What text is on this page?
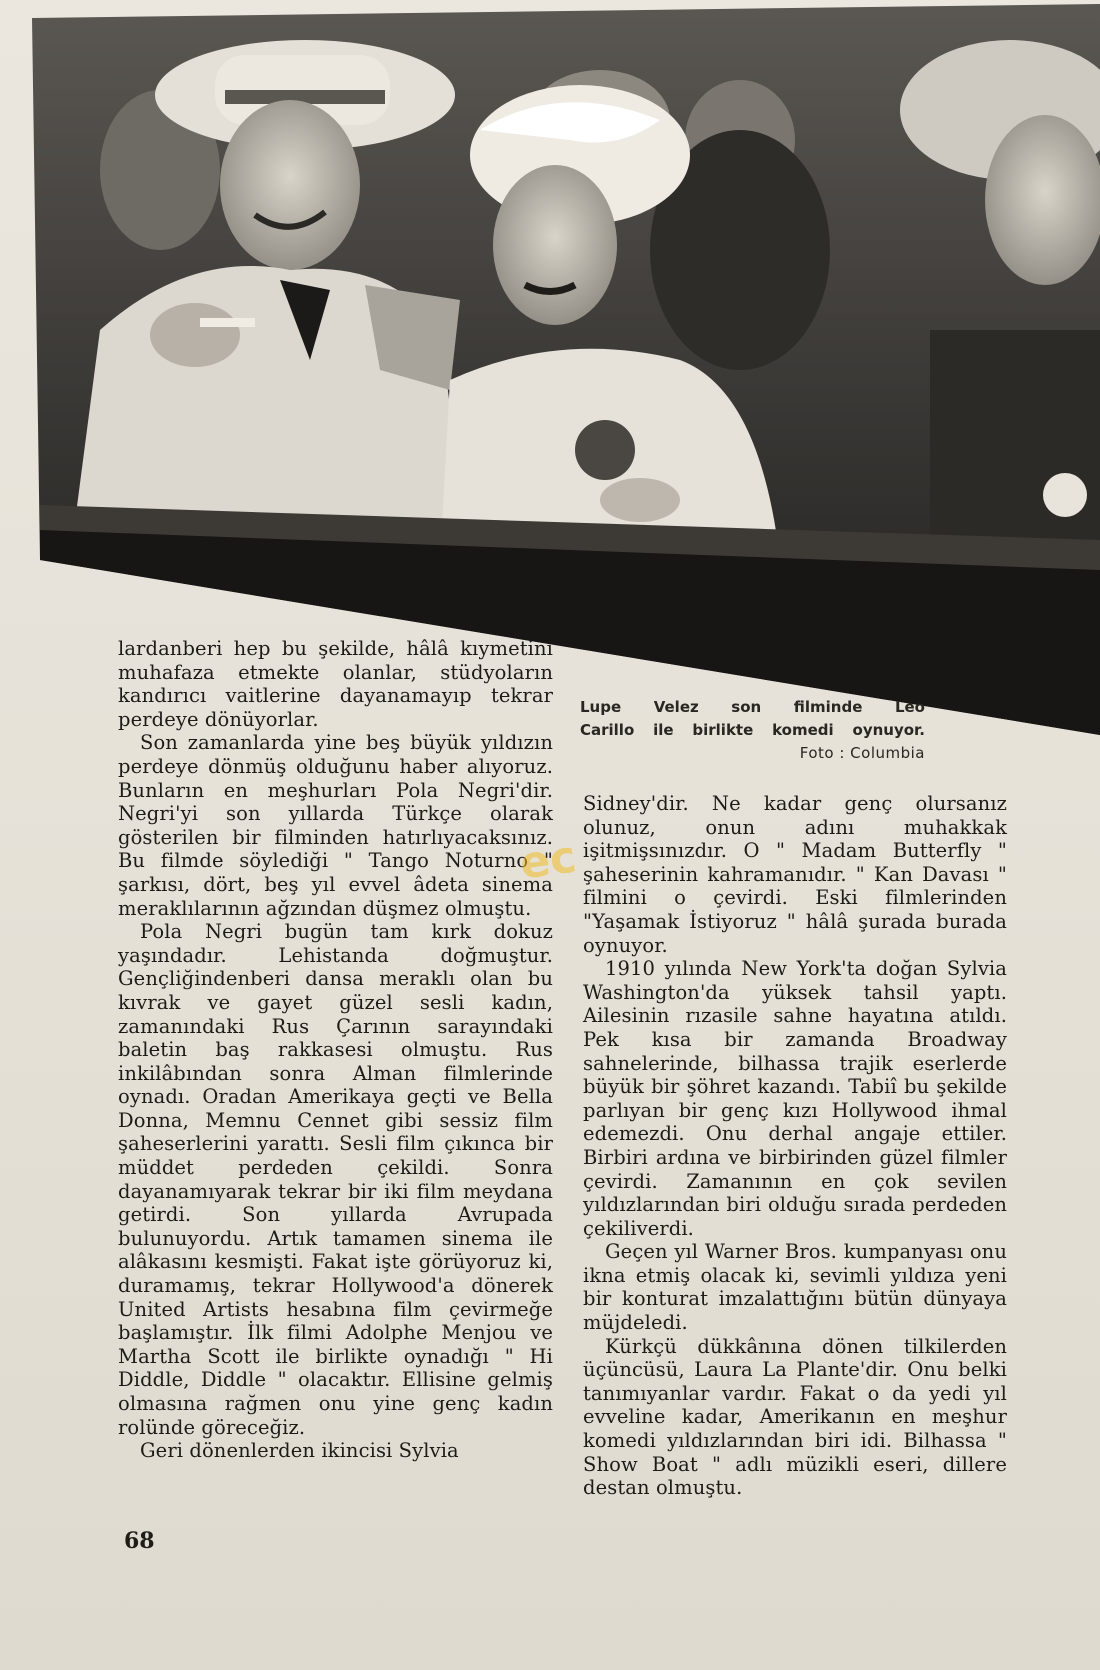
Lupe Velez son filminde Leo
Carillo ile birlikte komedi oynuyor.
Foto : Columbia

lardanberi hep bu şekilde, hâlâ kıymetini muhafaza etmekte olanlar, stüdyoların kandırıcı vaitlerine dayanamayıp tekrar perdeye dönüyorlar.

Son zamanlarda yine beş büyük yıldızın perdeye dönmüş olduğunu haber alıyoruz. Bunların en meşhurları Pola Negri'dir. Negri'yi son yıllarda Türkçe olarak gösterilen bir filminden hatırlıyacaksınız. Bu filmde söylediği " Tango Noturno " şarkısı, dört, beş yıl evvel âdeta sinema meraklılarının ağzından düşmez olmuştu.

Pola Negri bugün tam kırk dokuz yaşındadır. Lehistanda doğmuştur. Gençliğindenberi dansa meraklı olan bu kıvrak ve gayet güzel sesli kadın, zamanındaki Rus Çarının sarayındaki baletin baş rakkasesi olmuştu. Rus inkilâbından sonra Alman filmlerinde oynadı. Oradan Amerikaya geçti ve Bella Donna, Memnu Cennet gibi sessiz film şaheserlerini yarattı. Sesli film çıkınca bir müddet perdeden çekildi. Sonra dayanamıyarak tekrar bir iki film meydana getirdi. Son yıllarda Avrupada bulunuyordu. Artık tamamen sinema ile alâkasını kesmişti. Fakat işte görüyoruz ki, duramamış, tekrar Hollywood'a dönerek United Artists hesabına film çevirmeğe başlamıştır. İlk filmi Adolphe Menjou ve Martha Scott ile birlikte oynadığı " Hi Diddle, Diddle " olacaktır. Ellisine gelmiş olmasına rağmen onu yine genç kadın rolünde göreceğiz.

Geri dönenlerden ikincisi Sylvia

Sidney'dir. Ne kadar genç olursanız olunuz, onun adını muhakkak işitmişsınızdır. O " Madam Butterfly " şaheserinin kahramanıdır. " Kan Davası " filmini o çevirdi. Eski filmlerinden "Yaşamak İstiyoruz " hâlâ şurada burada oynuyor.

1910 yılında New York'ta doğan Sylvia Washington'da yüksek tahsil yaptı. Ailesinin rızasile sahne hayatına atıldı. Pek kısa bir zamanda Broadway sahnelerinde, bilhassa trajik eserlerde büyük bir şöhret kazandı. Tabiî bu şekilde parlıyan bir genç kızı Hollywood ihmal edemezdi. Onu derhal angaje ettiler. Birbiri ardına ve birbirinden güzel filmler çevirdi. Zamanının en çok sevilen yıldızlarından biri olduğu sırada perdeden çekiliverdi.

Geçen yıl Warner Bros. kumpanyası onu ikna etmiş olacak ki, sevimli yıldıza yeni bir konturat imzalattığını bütün dünyaya müjdeledi.

Kürkçü dükkânına dönen tilkilerden üçüncüsü, Laura La Plante'dir. Onu belki tanımıyanlar vardır. Fakat o da yedi yıl evveline kadar, Amerikanın en meşhur komedi yıldızlarından biri idi. Bilhassa " Show Boat " adlı müzikli eseri, dillere destan olmuştu.

ec
68
